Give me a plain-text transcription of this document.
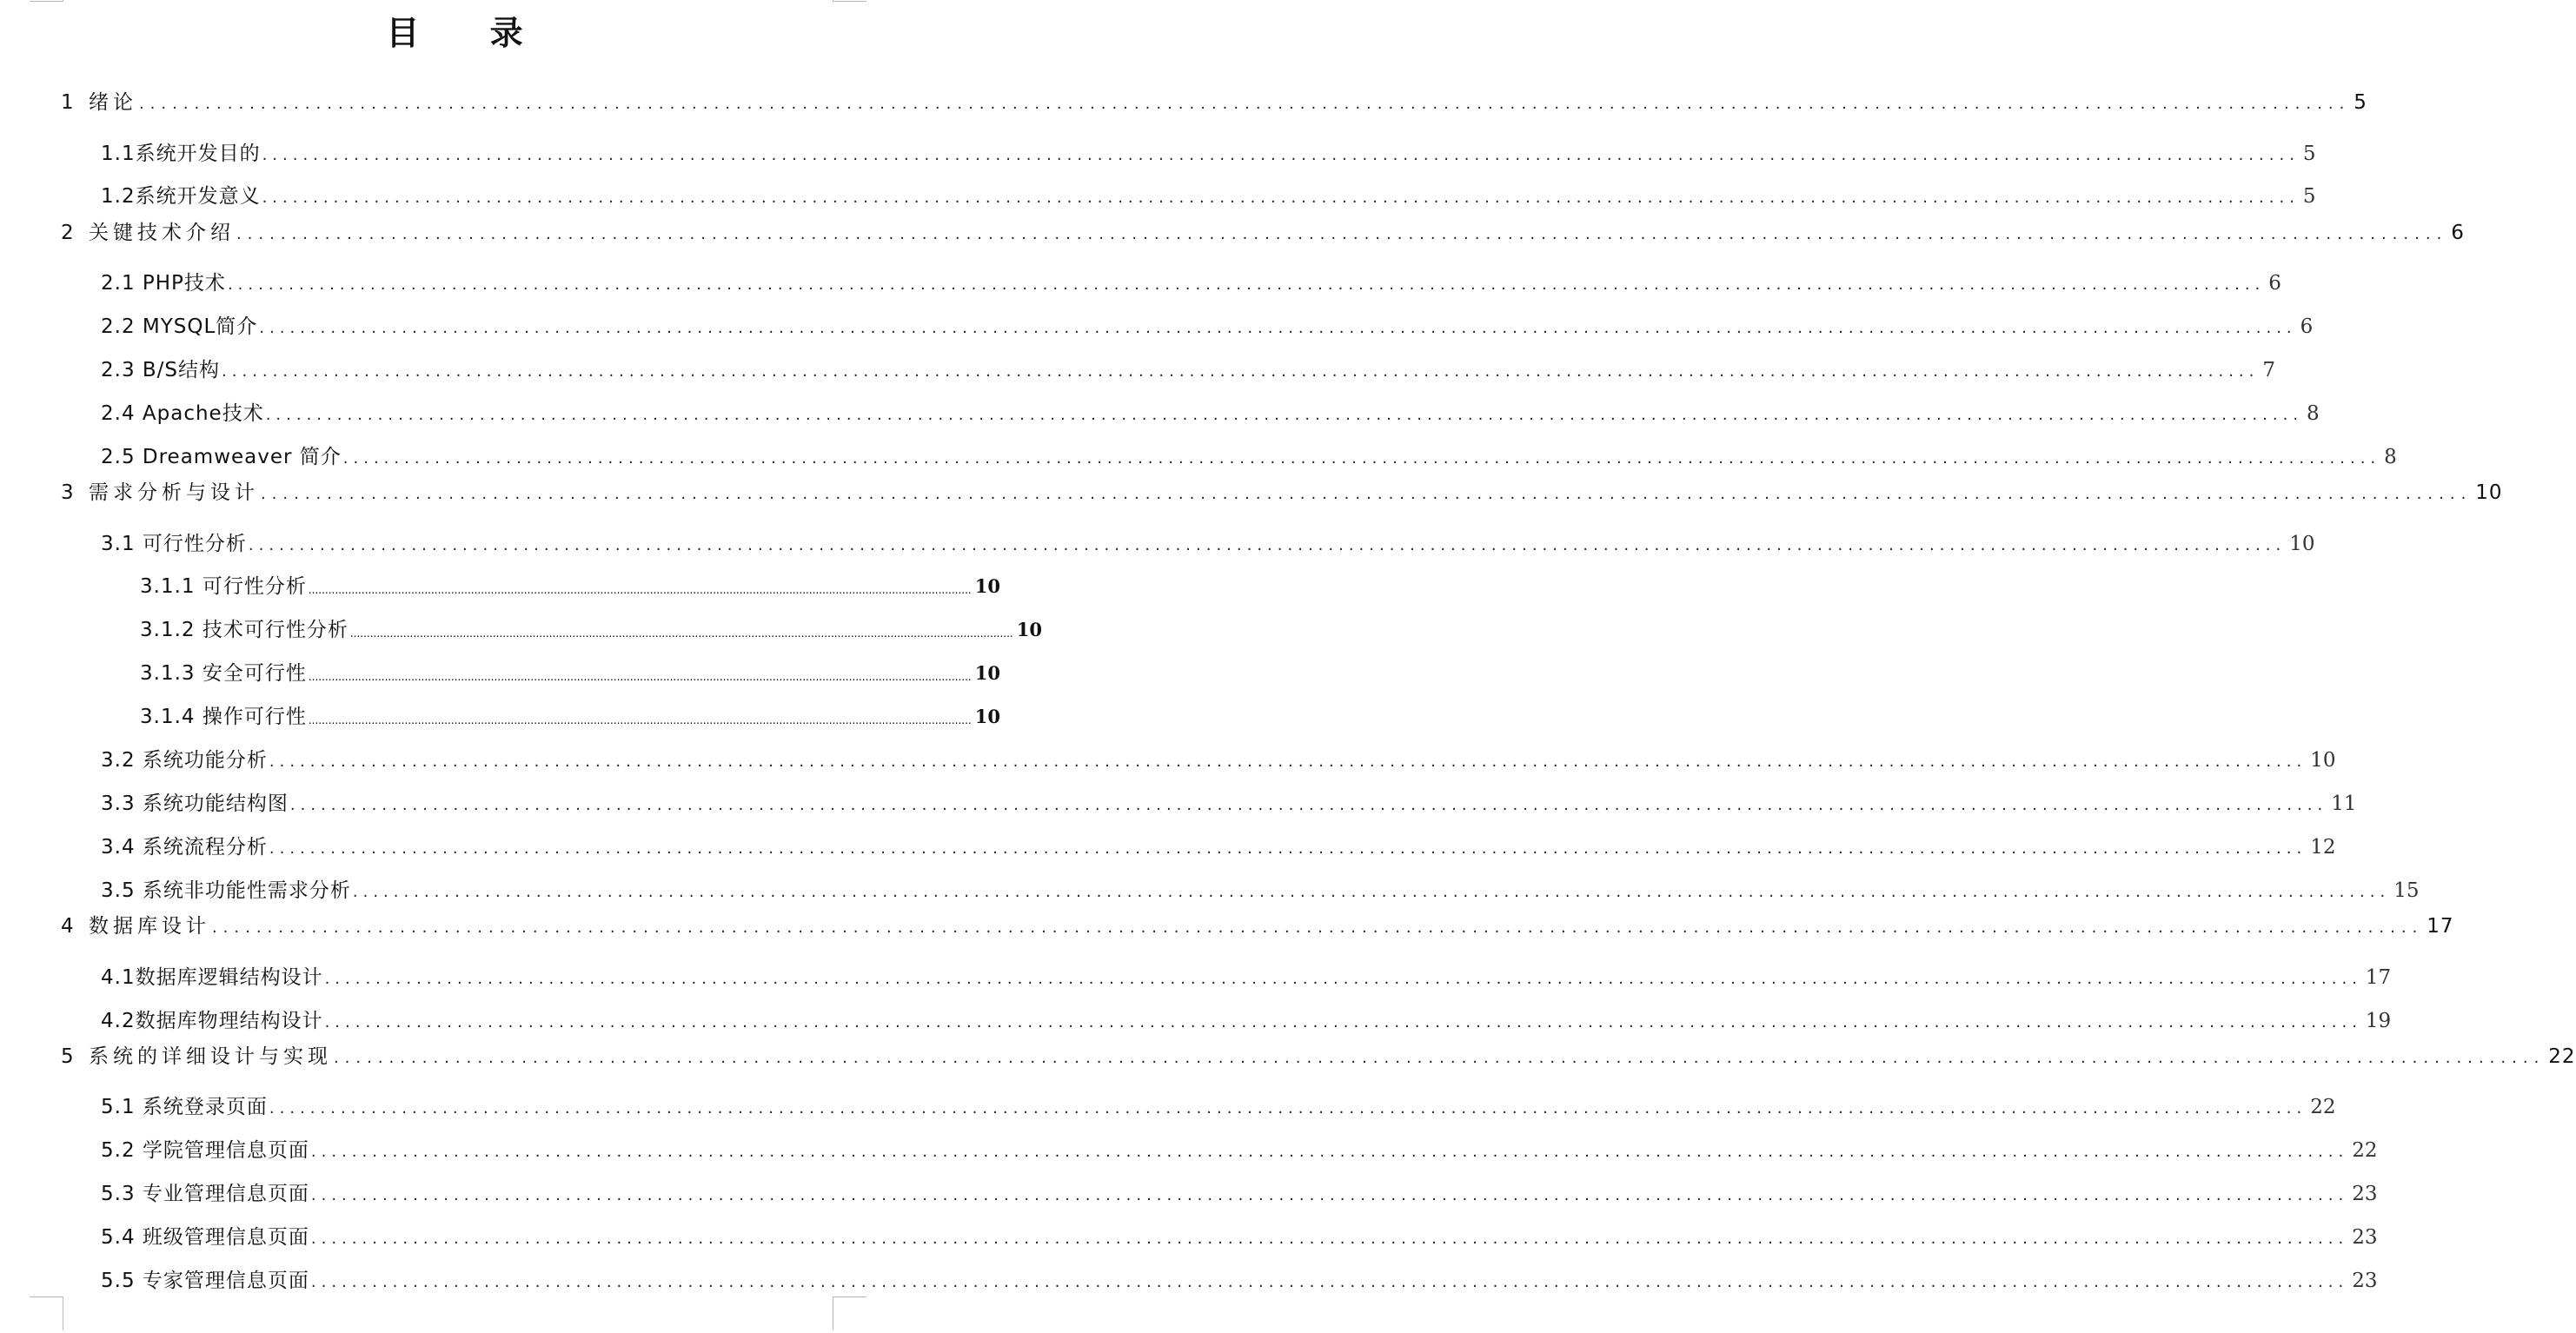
目 录
1 绪论 ........................................................................................................................................................................................................ 5
1.1系统开发目的 ........................................................................................................................................................................................................ 5
1.2系统开发意义 ........................................................................................................................................................................................................ 5
2 关键技术介绍 ........................................................................................................................................................................................................ 6
2.1 PHP技术 ........................................................................................................................................................................................................ 6
2.2 MYSQL简介 ........................................................................................................................................................................................................ 6
2.3 B/S结构 ........................................................................................................................................................................................................ 7
2.4 Apache技术 ........................................................................................................................................................................................................ 8
2.5 Dreamweaver 简介 ........................................................................................................................................................................................................ 8
3 需求分析与设计 ........................................................................................................................................................................................................ 10
3.1 可行性分析 ........................................................................................................................................................................................................ 10
3.1.1 可行性分析 ........................................................................................................................................................................................................ 10
3.1.2 技术可行性分析 ........................................................................................................................................................................................................ 10
3.1.3 安全可行性 ........................................................................................................................................................................................................ 10
3.1.4 操作可行性 ........................................................................................................................................................................................................ 10
3.2 系统功能分析 ........................................................................................................................................................................................................ 10
3.3 系统功能结构图 ........................................................................................................................................................................................................ 11
3.4 系统流程分析 ........................................................................................................................................................................................................ 12
3.5 系统非功能性需求分析 ........................................................................................................................................................................................................ 15
4 数据库设计 ........................................................................................................................................................................................................ 17
4.1数据库逻辑结构设计 ........................................................................................................................................................................................................ 17
4.2数据库物理结构设计 ........................................................................................................................................................................................................ 19
5 系统的详细设计与实现 ........................................................................................................................................................................................................ 22
5.1 系统登录页面 ........................................................................................................................................................................................................ 22
5.2 学院管理信息页面 ........................................................................................................................................................................................................ 22
5.3 专业管理信息页面 ........................................................................................................................................................................................................ 23
5.4 班级管理信息页面 ........................................................................................................................................................................................................ 23
5.5 专家管理信息页面 ........................................................................................................................................................................................................ 23
